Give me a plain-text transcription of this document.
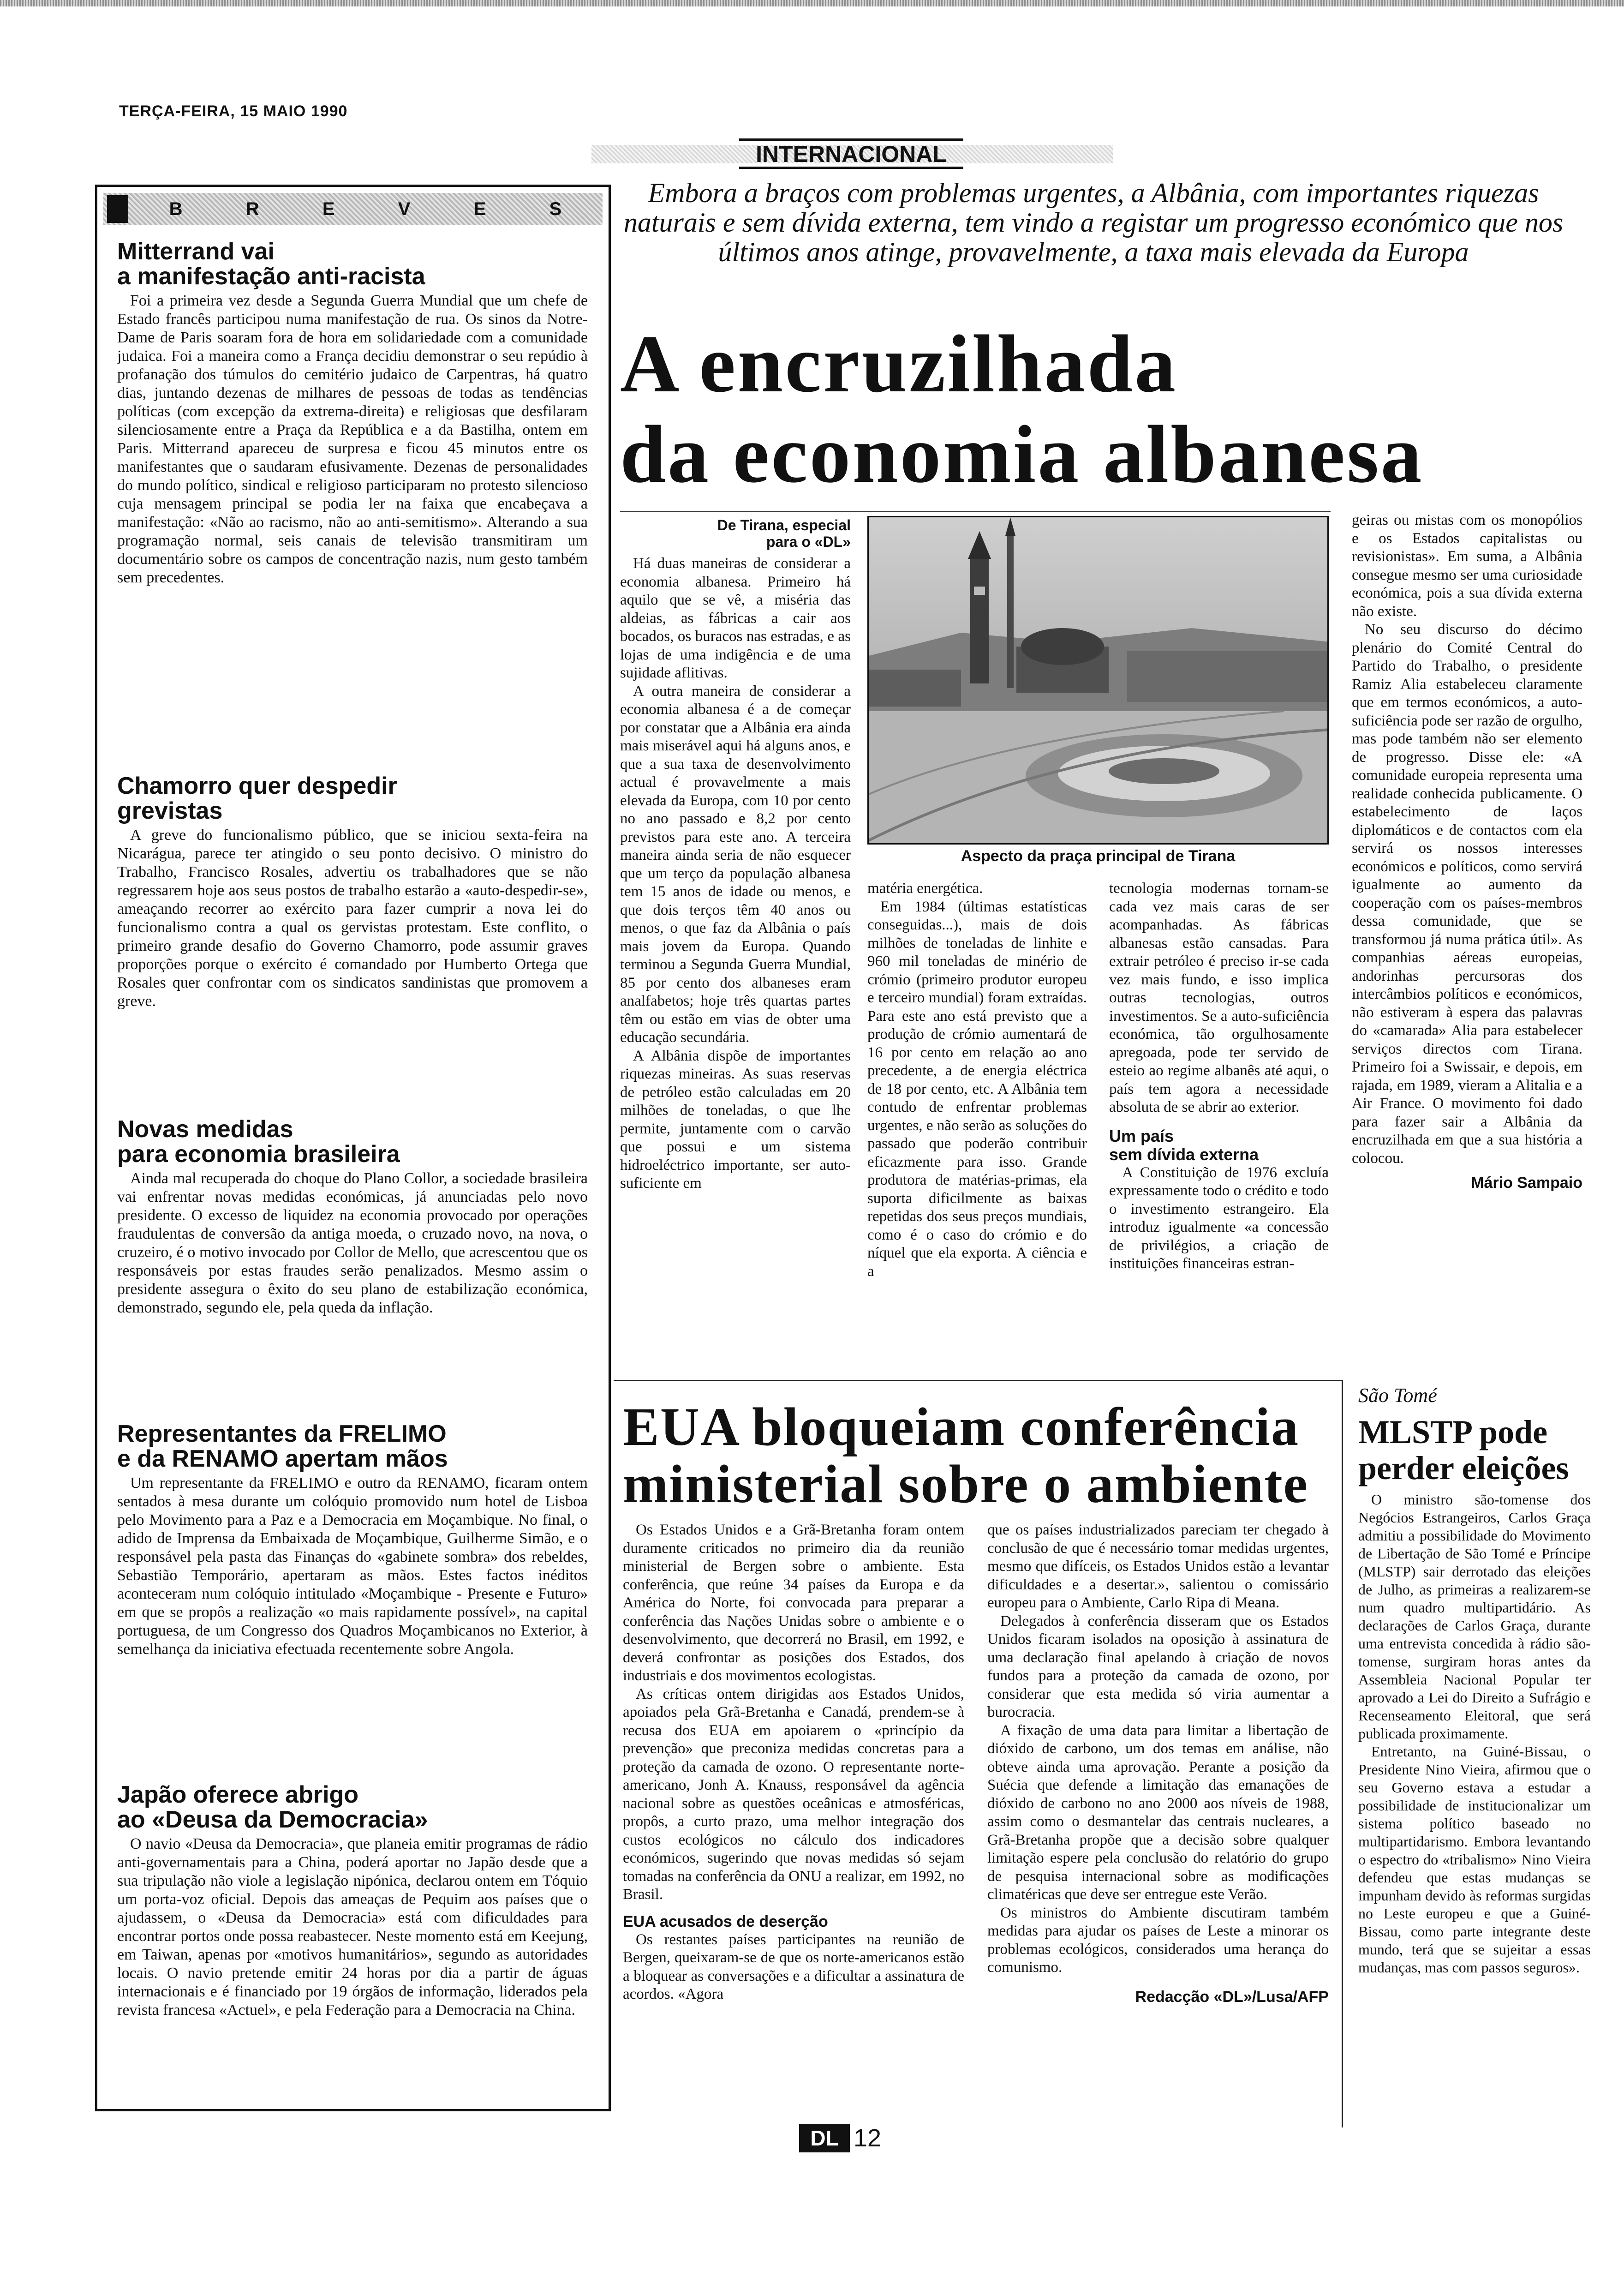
TERÇA-FEIRA, 15 MAIO 1990
B	R	E	V	E	S
Mitterrand vai
a manifestação anti-racista

Foi a primeira vez desde a Segunda Guerra Mundial que um chefe de Estado francês participou numa manifestação de rua. Os sinos da Notre-Dame de Paris soaram fora de hora em solidariedade com a comunidade judaica. Foi a maneira como a França decidiu demonstrar o seu repúdio à profanação dos túmulos do cemitério judaico de Carpentras, há quatro dias, juntando dezenas de milhares de pessoas de todas as tendências políticas (com excepção da extrema-direita) e religiosas que desfilaram silenciosamente entre a Praça da República e a da Bastilha, ontem em Paris. Mitterrand apareceu de surpresa e ficou 45 minutos entre os manifestantes que o saudaram efusivamente. Dezenas de personalidades do mundo político, sindical e religioso participaram no protesto silencioso cuja mensagem principal se podia ler na faixa que encabeçava a manifestação: «Não ao racismo, não ao anti-semitismo». Alterando a sua programação normal, seis canais de televisão transmitiram um documentário sobre os campos de concentração nazis, num gesto também sem precedentes.

Chamorro quer despedir
grevistas

A greve do funcionalismo público, que se iniciou sexta-feira na Nicarágua, parece ter atingido o seu ponto decisivo. O ministro do Trabalho, Francisco Rosales, advertiu os trabalhadores que se não regressarem hoje aos seus postos de trabalho estarão a «auto-despedir-se», ameaçando recorrer ao exército para fazer cumprir a nova lei do funcionalismo contra a qual os gervistas protestam. Este conflito, o primeiro grande desafio do Governo Chamorro, pode assumir graves proporções porque o exército é comandado por Humberto Ortega que Rosales quer confrontar com os sindicatos sandinistas que promovem a greve.

Novas medidas
para economia brasileira

Ainda mal recuperada do choque do Plano Collor, a sociedade brasileira vai enfrentar novas medidas económicas, já anunciadas pelo novo presidente. O excesso de liquidez na economia provocado por operações fraudulentas de conversão da antiga moeda, o cruzado novo, na nova, o cruzeiro, é o motivo invocado por Collor de Mello, que acrescentou que os responsáveis por estas fraudes serão penalizados. Mesmo assim o presidente assegura o êxito do seu plano de estabilização económica, demonstrado, segundo ele, pela queda da inflação.

Representantes da FRELIMO
e da RENAMO apertam mãos

Um representante da FRELIMO e outro da RENAMO, ficaram ontem sentados à mesa durante um colóquio promovido num hotel de Lisboa pelo Movimento para a Paz e a Democracia em Moçambique. No final, o adido de Imprensa da Embaixada de Moçambique, Guilherme Simão, e o responsável pela pasta das Finanças do «gabinete sombra» dos rebeldes, Sebastião Temporário, apertaram as mãos. Estes factos inéditos aconteceram num colóquio intitulado «Moçambique - Presente e Futuro» em que se propôs a realização «o mais rapidamente possível», na capital portuguesa, de um Congresso dos Quadros Moçambicanos no Exterior, à semelhança da iniciativa efectuada recentemente sobre Angola.

Japão oferece abrigo
ao «Deusa da Democracia»

O navio «Deusa da Democracia», que planeia emitir programas de rádio anti-governamentais para a China, poderá aportar no Japão desde que a sua tripulação não viole a legislação nipónica, declarou ontem em Tóquio um porta-voz oficial. Depois das ameaças de Pequim aos países que o ajudassem, o «Deusa da Democracia» está com dificuldades para encontrar portos onde possa reabastecer. Neste momento está em Keejung, em Taiwan, apenas por «motivos humanitários», segundo as autoridades locais. O navio pretende emitir 24 horas por dia a partir de águas internacionais e é financiado por 19 órgãos de informação, liderados pela revista francesa «Actuel», e pela Federação para a Democracia na China.

INTERNACIONAL
Embora a braços com problemas urgentes, a Albânia, com importantes riquezas naturais e sem dívida externa, tem vindo a registar um progresso económico que nos últimos anos atinge, provavelmente, a taxa mais elevada da Europa
A encruzilhada
da economia albanesa
De Tirana, especial
para o «DL»

Há duas maneiras de considerar a economia albanesa. Primeiro há aquilo que se vê, a miséria das aldeias, as fábricas a cair aos bocados, os buracos nas estradas, e as lojas de uma indigência e de uma sujidade aflitivas.

A outra maneira de considerar a economia albanesa é a de começar por constatar que a Albânia era ainda mais miserável aqui há alguns anos, e que a sua taxa de desenvolvimento actual é provavelmente a mais elevada da Europa, com 10 por cento no ano passado e 8,2 por cento previstos para este ano. A terceira maneira ainda seria de não esquecer que um terço da população albanesa tem 15 anos de idade ou menos, e que dois terços têm 40 anos ou menos, o que faz da Albânia o país mais jovem da Europa. Quando terminou a Segunda Guerra Mundial, 85 por cento dos albaneses eram analfabetos; hoje três quartas partes têm ou estão em vias de obter uma educação secundária.

A Albânia dispõe de importantes riquezas mineiras. As suas reservas de petróleo estão calculadas em 20 milhões de toneladas, o que lhe permite, juntamente com o carvão que possui e um sistema hidroeléctrico importante, ser auto-suficiente em

Aspecto da praça principal de Tirana

matéria energética.

Em 1984 (últimas estatísticas conseguidas...), mais de dois milhões de toneladas de linhite e 960 mil toneladas de minério de crómio (primeiro produtor europeu e terceiro mundial) foram extraídas. Para este ano está previsto que a produção de crómio aumentará de 16 por cento em relação ao ano precedente, a de energia eléctrica de 18 por cento, etc. A Albânia tem contudo de enfrentar problemas urgentes, e não serão as soluções do passado que poderão contribuir eficazmente para isso. Grande produtora de matérias-primas, ela suporta dificilmente as baixas repetidas dos seus preços mundiais, como é o caso do crómio e do níquel que ela exporta. A ciência e a

tecnologia modernas tornam-se cada vez mais caras de ser acompanhadas. As fábricas albanesas estão cansadas. Para extrair petróleo é preciso ir-se cada vez mais fundo, e isso implica outras tecnologias, outros investimentos. Se a auto-suficiência económica, tão orgulhosamente apregoada, pode ter servido de esteio ao regime albanês até aqui, o país tem agora a necessidade absoluta de se abrir ao exterior.

Um país
sem dívida externa

A Constituição de 1976 excluía expressamente todo o crédito e todo o investimento estrangeiro. Ela introduz igualmente «a concessão de privilégios, a criação de instituições financeiras estran-

geiras ou mistas com os monopólios e os Estados capitalistas ou revisionistas». Em suma, a Albânia consegue mesmo ser uma curiosidade económica, pois a sua dívida externa não existe.

No seu discurso do décimo plenário do Comité Central do Partido do Trabalho, o presidente Ramiz Alia estabeleceu claramente que em termos económicos, a auto-suficiência pode ser razão de orgulho, mas pode também não ser elemento de progresso. Disse ele: «A comunidade europeia representa uma realidade conhecida publicamente. O estabelecimento de laços diplomáticos e de contactos com ela servirá os nossos interesses económicos e políticos, como servirá igualmente ao aumento da cooperação com os países-membros dessa comunidade, que se transformou já numa prática útil». As companhias aéreas europeias, andorinhas percursoras dos intercâmbios políticos e económicos, não estiveram à espera das palavras do «camarada» Alia para estabelecer serviços directos com Tirana. Primeiro foi a Swissair, e depois, em rajada, em 1989, vieram a Alitalia e a Air France. O movimento foi dado para fazer sair a Albânia da encruzilhada em que a sua história a colocou.

Mário Sampaio
EUA bloqueiam conferência
ministerial sobre o ambiente

Os Estados Unidos e a Grã-Bretanha foram ontem duramente criticados no primeiro dia da reunião ministerial de Bergen sobre o ambiente. Esta conferência, que reúne 34 países da Europa e da América do Norte, foi convocada para preparar a conferência das Nações Unidas sobre o ambiente e o desenvolvimento, que decorrerá no Brasil, em 1992, e deverá confrontar as posições dos Estados, dos industriais e dos movimentos ecologistas.

As críticas ontem dirigidas aos Estados Unidos, apoiados pela Grã-Bretanha e Canadá, prendem-se à recusa dos EUA em apoiarem o «princípio da prevenção» que preconiza medidas concretas para a proteção da camada de ozono. O representante norte-americano, Jonh A. Knauss, responsável da agência nacional sobre as questões oceânicas e atmosféricas, propôs, a curto prazo, uma melhor integração dos custos ecológicos no cálculo dos indicadores económicos, sugerindo que novas medidas só sejam tomadas na conferência da ONU a realizar, em 1992, no Brasil.

EUA acusados de deserção

Os restantes países participantes na reunião de Bergen, queixaram-se de que os norte-americanos estão a bloquear as conversações e a dificultar a assinatura de acordos. «Agora

que os países industrializados pareciam ter chegado à conclusão de que é necessário tomar medidas urgentes, mesmo que difíceis, os Estados Unidos estão a levantar dificuldades e a desertar.», salientou o comissário europeu para o Ambiente, Carlo Ripa di Meana.

Delegados à conferência disseram que os Estados Unidos ficaram isolados na oposição à assinatura de uma declaração final apelando à criação de novos fundos para a proteção da camada de ozono, por considerar que esta medida só viria aumentar a burocracia.

A fixação de uma data para limitar a libertação de dióxido de carbono, um dos temas em análise, não obteve ainda uma aprovação. Perante a posição da Suécia que defende a limitação das emanações de dióxido de carbono no ano 2000 aos níveis de 1988, assim como o desmantelar das centrais nucleares, a Grã-Bretanha propõe que a decisão sobre qualquer limitação espere pela conclusão do relatório do grupo de pesquisa internacional sobre as modificações climatéricas que deve ser entregue este Verão.

Os ministros do Ambiente discutiram também medidas para ajudar os países de Leste a minorar os problemas ecológicos, considerados uma herança do comunismo.

Redacção «DL»/Lusa/AFP
São Tomé
MLSTP pode
perder eleições

O ministro são-tomense dos Negócios Estrangeiros, Carlos Graça admitiu a possibilidade do Movimento de Libertação de São Tomé e Príncipe (MLSTP) sair derrotado das eleições de Julho, as primeiras a realizarem-se num quadro multipartidário. As declarações de Carlos Graça, durante uma entrevista concedida à rádio são-tomense, surgiram horas antes da Assembleia Nacional Popular ter aprovado a Lei do Direito a Sufrágio e Recenseamento Eleitoral, que será publicada proximamente.

Entretanto, na Guiné-Bissau, o Presidente Nino Vieira, afirmou que o seu Governo estava a estudar a possibilidade de institucionalizar um sistema político baseado no multipartidarismo. Embora levantando o espectro do «tribalismo» Nino Vieira defendeu que estas mudanças se impunham devido às reformas surgidas no Leste europeu e que a Guiné-Bissau, como parte integrante deste mundo, terá que se sujeitar a essas mudanças, mas com passos seguros».

DL 12
